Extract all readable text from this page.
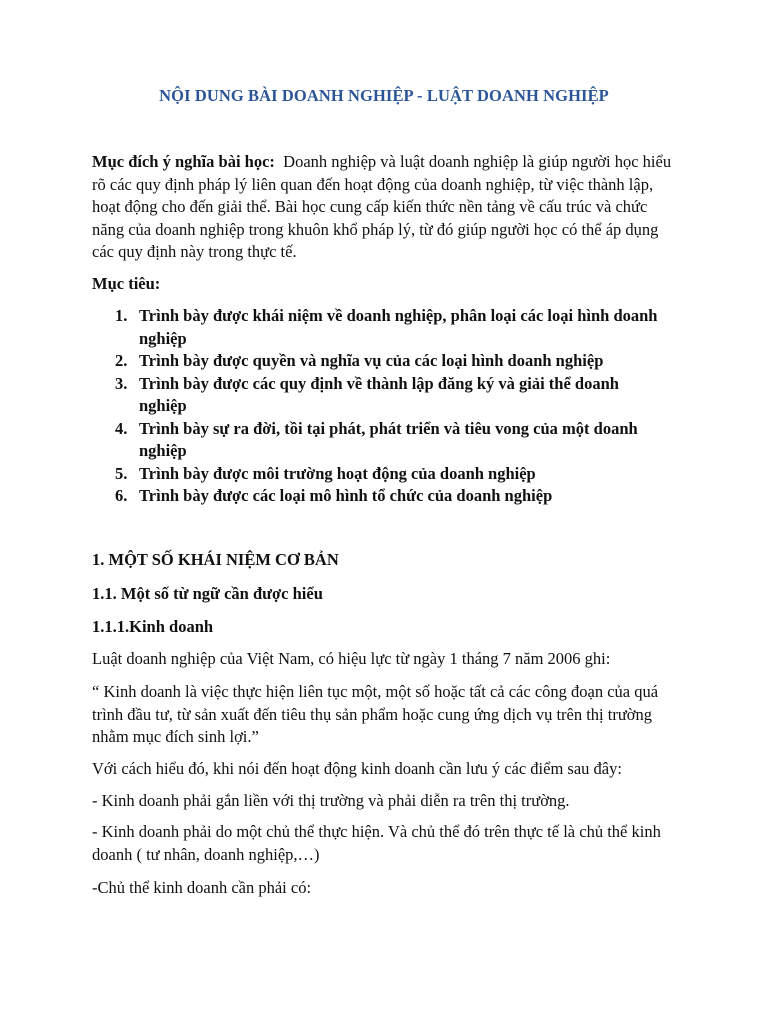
NỘI DUNG BÀI DOANH NGHIỆP - LUẬT DOANH NGHIỆP

Mục đích ý nghĩa bài học: Doanh nghiệp và luật doanh nghiệp là giúp người học hiểu rõ các quy định pháp lý liên quan đến hoạt động của doanh nghiệp, từ việc thành lập, hoạt động cho đến giải thể. Bài học cung cấp kiến thức nền tảng về cấu trúc và chức năng của doanh nghiệp trong khuôn khổ pháp lý, từ đó giúp người học có thể áp dụng các quy định này trong thực tế.

Mục tiêu:

1. Trình bày được khái niệm về doanh nghiệp, phân loại các loại hình doanh nghiệp
2. Trình bày được quyền và nghĩa vụ của các loại hình doanh nghiệp
3. Trình bày được các quy định về thành lập đăng ký và giải thể doanh nghiệp
4. Trình bày sự ra đời, tồi tại phát, phát triển và tiêu vong của một doanh nghiệp
5. Trình bày được môi trường hoạt động của doanh nghiệp
6. Trình bày được các loại mô hình tổ chức của doanh nghiệp
1. MỘT SỐ KHÁI NIỆM CƠ BẢN
1.1. Một số từ ngữ cần được hiểu
1.1.1.Kinh doanh

Luật doanh nghiệp của Việt Nam, có hiệu lực từ ngày 1 tháng 7 năm 2006 ghi:

“ Kinh doanh là việc thực hiện liên tục một, một số hoặc tất cả các công đoạn của quá trình đầu tư, từ sản xuất đến tiêu thụ sản phẩm hoặc cung ứng dịch vụ trên thị trường nhằm mục đích sinh lợi.”

Với cách hiểu đó, khi nói đến hoạt động kinh doanh cần lưu ý các điểm sau đây:

- Kinh doanh phải gắn liền với thị trường và phải diễn ra trên thị trường.

- Kinh doanh phải do một chủ thể thực hiện. Và chủ thể đó trên thực tế là chủ thể kinh doanh ( tư nhân, doanh nghiệp,…)

-Chủ thể kinh doanh cần phải có:
